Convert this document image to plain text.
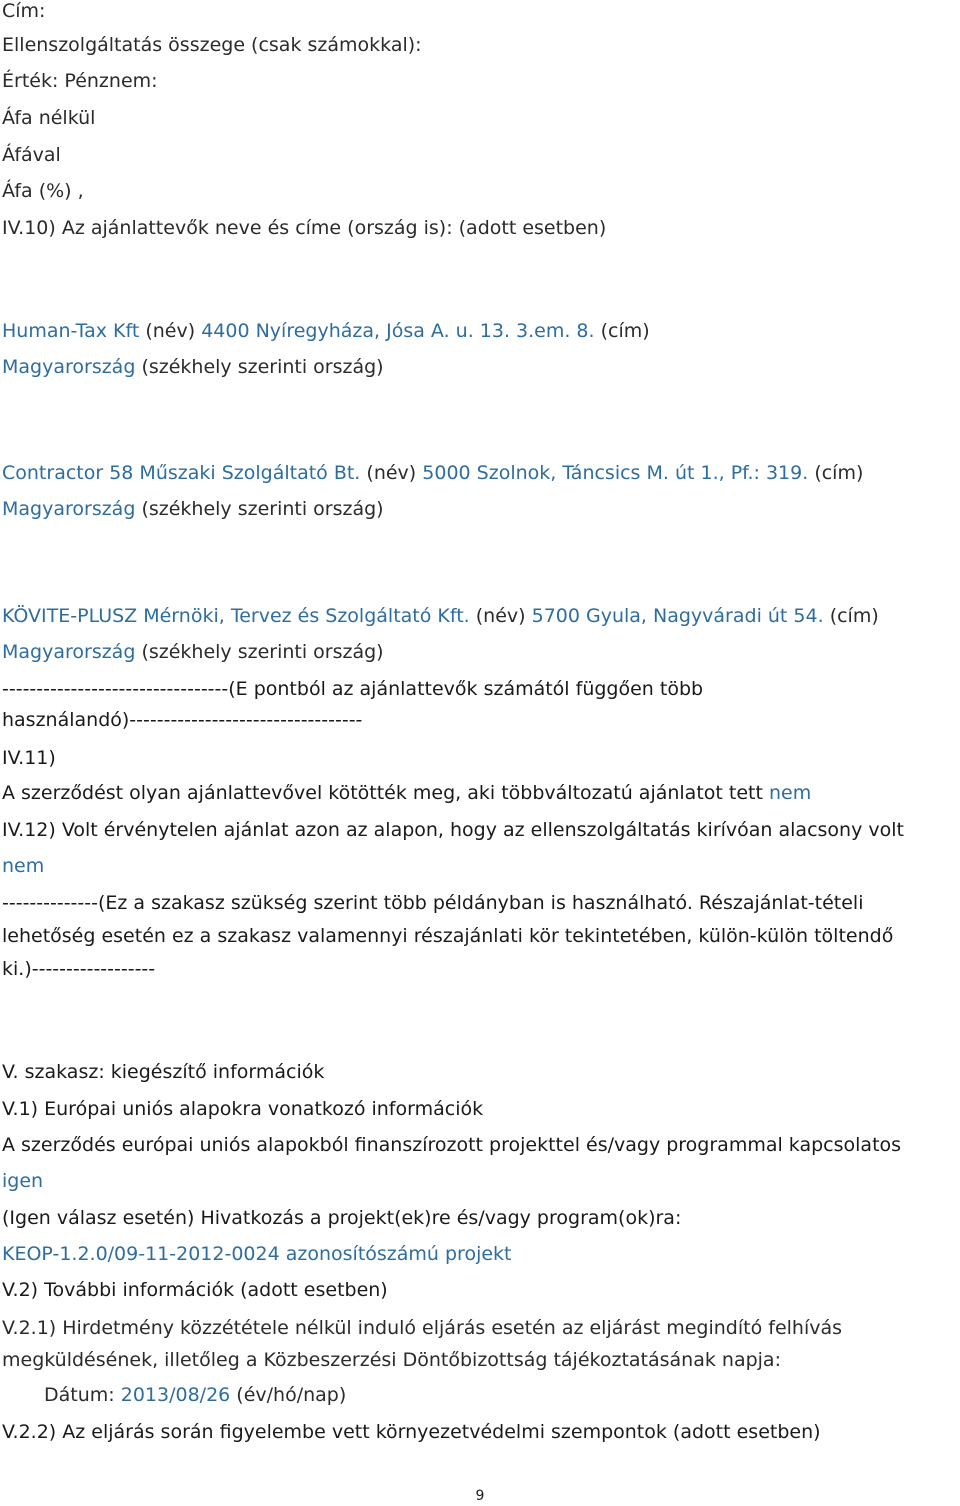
Cím:
Ellenszolgáltatás összege (csak számokkal):
Érték: Pénznem:
Áfa nélkül
Áfával
Áfa (%) ,
IV.10) Az ajánlattevők neve és címe (ország is): (adott esetben)
Human-Tax Kft (név) 4400 Nyíregyháza, Jósa A. u. 13. 3.em. 8. (cím)
Magyarország (székhely szerinti ország)
Contractor 58 Műszaki Szolgáltató Bt. (név) 5000 Szolnok, Táncsics M. út 1., Pf.: 319. (cím)
Magyarország (székhely szerinti ország)
KÖVITE-PLUSZ Mérnöki, Tervez és Szolgáltató Kft. (név) 5700 Gyula, Nagyváradi út 54. (cím)
Magyarország (székhely szerinti ország)
---------------------------------(E pontból az ajánlattevők számától függően több
használandó)----------------------------------
IV.11)
A szerződést olyan ajánlattevővel kötötték meg, aki többváltozatú ajánlatot tett nem
IV.12) Volt érvénytelen ajánlat azon az alapon, hogy az ellenszolgáltatás kirívóan alacsony volt
nem
--------------(Ez a szakasz szükség szerint több példányban is használható. Részajánlat-tételi
lehetőség esetén ez a szakasz valamennyi részajánlati kör tekintetében, külön-külön töltendő
ki.)------------------
V. szakasz: kiegészítő információk
V.1) Európai uniós alapokra vonatkozó információk
A szerződés európai uniós alapokból finanszírozott projekttel és/vagy programmal kapcsolatos
igen
(Igen válasz esetén) Hivatkozás a projekt(ek)re és/vagy program(ok)ra:
KEOP-1.2.0/09-11-2012-0024 azonosítószámú projekt
V.2) További információk (adott esetben)
V.2.1) Hirdetmény közzététele nélkül induló eljárás esetén az eljárást megindító felhívás
megküldésének, illetőleg a Közbeszerzési Döntőbizottság tájékoztatásának napja:
Dátum: 2013/08/26 (év/hó/nap)
V.2.2) Az eljárás során figyelembe vett környezetvédelmi szempontok (adott esetben)
9
